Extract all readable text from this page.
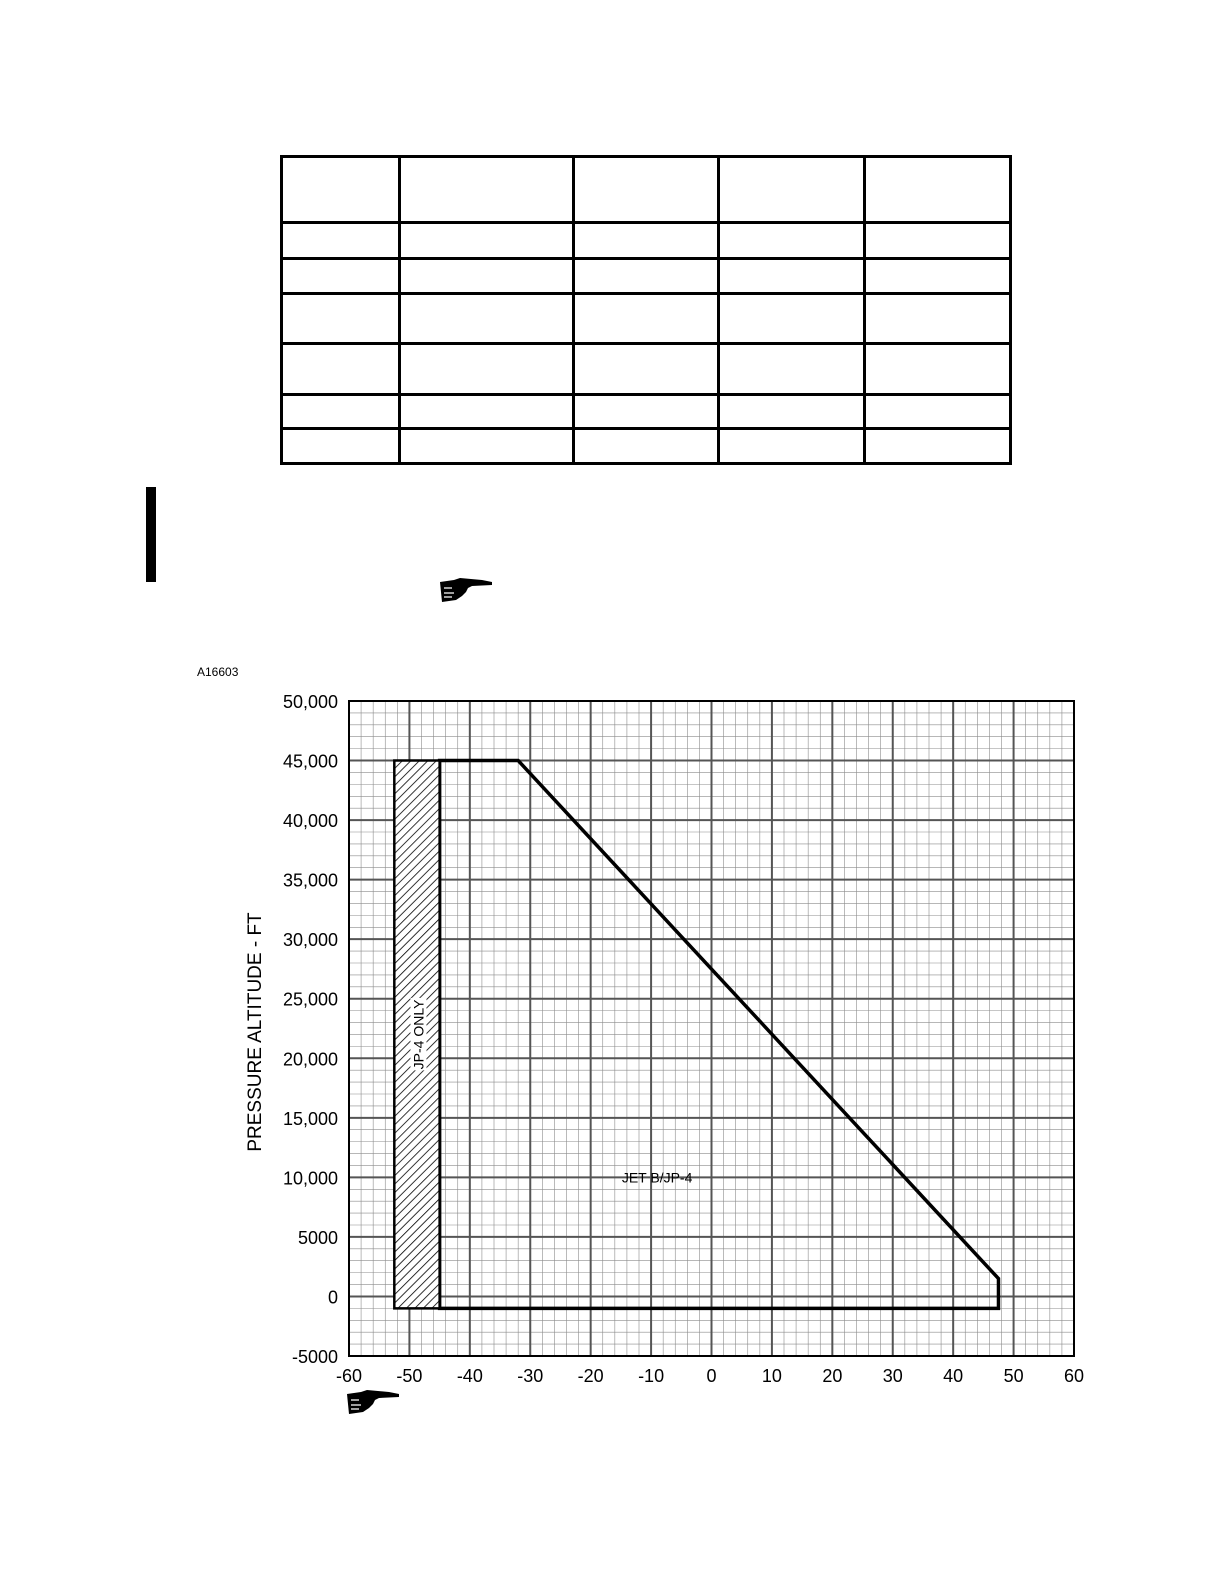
A16603
-5000
0
5000
10,000
15,000
20,000
25,000
30,000
35,000
40,000
45,000
50,000
-60 -50 -40 -30 -20 -10 0	10 20 30 40 50 60
PRESSURE ALTITUDE - FT
JET B/JP-4
JP-4 ONLY
